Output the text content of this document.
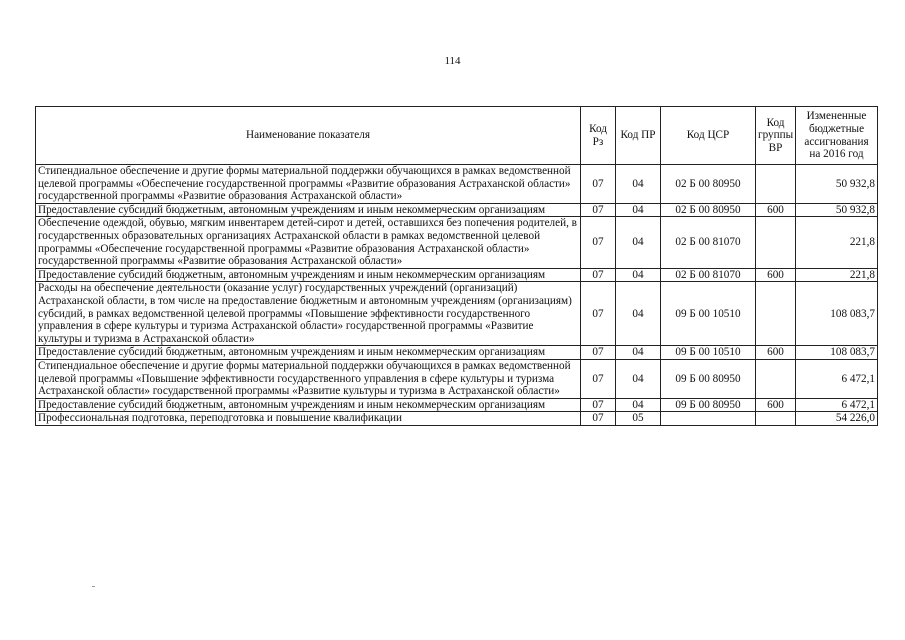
114
Наименование показателя	Код Рз	Код ПР	Код ЦСР	Код группы ВР	Измененные бюджетные ассигнования на 2016 год
Стипендиальное обеспечение и другие формы материальной поддержки обучающихся в рамках ведомственной целевой программы «Обеспечение государственной программы «Развитие образования Астраханской области» государственной программы «Развитие образования Астраханской области»	07	04	02 Б 00 80950		50 932,8
Предоставление субсидий бюджетным, автономным учреждениям и иным некоммерческим организациям	07	04	02 Б 00 80950	600	50 932,8
Обеспечение одеждой, обувью, мягким инвентарем детей-сирот и детей, оставшихся без попечения родителей, в государственных образовательных организациях Астраханской области в рамках ведомственной целевой программы «Обеспечение государственной программы «Развитие образования Астраханской области» государственной программы «Развитие образования Астраханской области»	07	04	02 Б 00 81070		221,8
Предоставление субсидий бюджетным, автономным учреждениям и иным некоммерческим организациям	07	04	02 Б 00 81070	600	221,8
Расходы на обеспечение деятельности (оказание услуг) государственных учреждений (организаций) Астраханской области, в том числе на предоставление бюджетным и автономным учреждениям (организациям) субсидий, в рамках ведомственной целевой программы «Повышение эффективности государственного управления в сфере культуры и туризма Астраханской области» государственной программы «Развитие культуры и туризма в Астраханской области»	07	04	09 Б 00 10510		108 083,7
Предоставление субсидий бюджетным, автономным учреждениям и иным некоммерческим организациям	07	04	09 Б 00 10510	600	108 083,7
Стипендиальное обеспечение и другие формы материальной поддержки обучающихся в рамках ведомственной целевой программы «Повышение эффективности государственного управления в сфере культуры и туризма Астраханской области» государственной программы «Развитие культуры и туризма в Астраханской области»	07	04	09 Б 00 80950		6 472,1
Предоставление субсидий бюджетным, автономным учреждениям и иным некоммерческим организациям	07	04	09 Б 00 80950	600	6 472,1
Профессиональная подготовка, переподготовка и повышение квалификации	07	05			54 226,0
